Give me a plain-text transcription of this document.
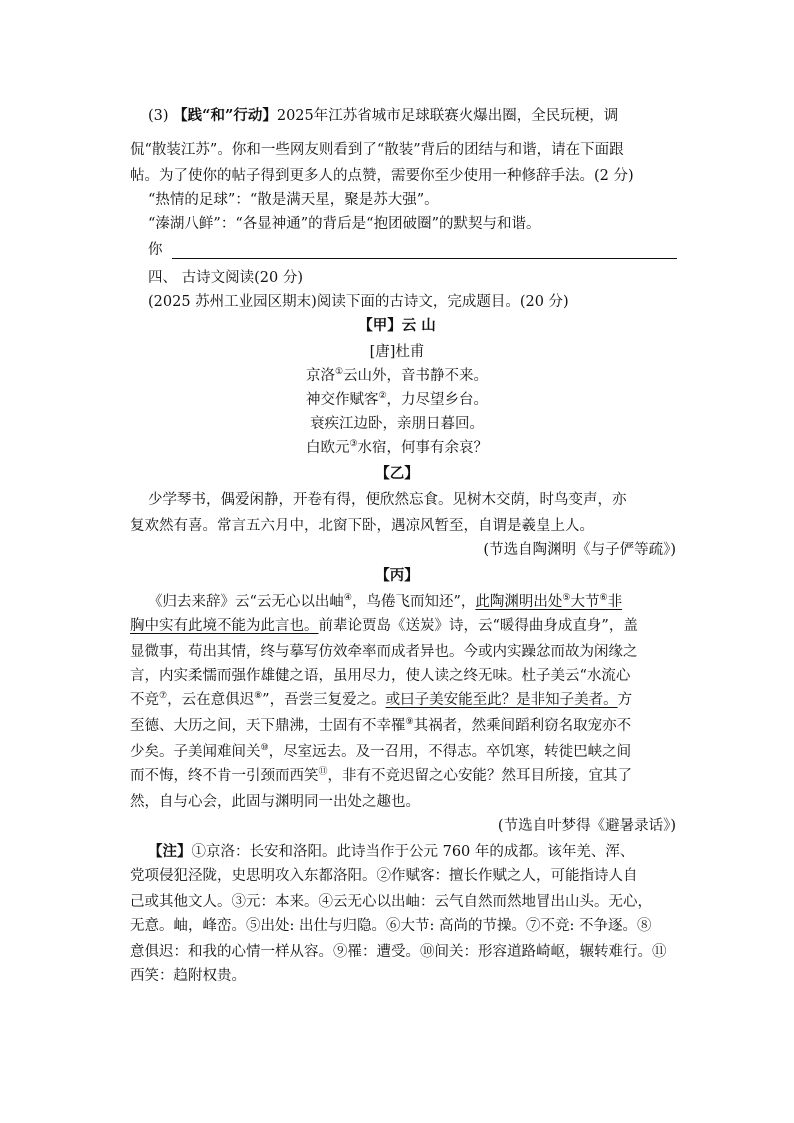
(3) 【践“和”行动】2025年江苏省城市足球联赛火爆出圈，全民玩梗，调
侃“散装江苏”。你和一些网友则看到了“散装”背后的团结与和谐，请在下面跟
帖。为了使你的帖子得到更多人的点赞，需要你至少使用一种修辞手法。(2 分)
“热情的足球”：“散是满天星，聚是苏大强”。
“溱湖八鲜”：“各显神通”的背后是“抱团破圈”的默契与和谐。
你
四、 古诗文阅读(20 分)
(2025 苏州工业园区期末)阅读下面的古诗文，完成题目。(20 分)
【甲】云 山
[唐]杜甫
京洛①云山外，音书静不来。
神交作赋客②，力尽望乡台。
衰疾江边卧，亲朋日暮回。
白欧元③水宿，何事有余哀？
【乙】
少学琴书，偶爱闲静，开卷有得，便欣然忘食。见树木交荫，时鸟变声，亦
复欢然有喜。常言五六月中，北窗下卧，遇凉风暂至，自谓是羲皇上人。
(节选自陶渊明《与子俨等疏》)
【丙】
《归去来辞》云“云无心以出岫④，鸟倦飞而知还”，此陶渊明出处⑤大节⑥非
胸中实有此境不能为此言也。前辈论贾岛《送炭》诗，云“暖得曲身成直身”，盖
显微事，苟出其情，终与摹写仿效牵率而成者异也。今或内实躁忿而故为闲缘之
言，内实柔懦而强作雄健之语，虽用尽力，使人读之终无味。杜子美云“水流心
不竞⑦，云在意俱迟⑧”，吾尝三复爱之。或曰子美安能至此？是非知子美者。方
至德、大历之间，天下鼎沸，士固有不幸罹⑨其祸者，然乘间蹈利窃名取宠亦不
少矣。子美闻难间关⑩，尽室远去。及一召用，不得志。卒饥寒，转徙巴峡之间
而不悔，终不肯一引颈而西笑⑪，非有不竞迟留之心安能？然耳目所接，宜其了
然，自与心会，此固与渊明同一出处之趣也。
(节选自叶梦得《避暑录话》)
【注】①京洛：长安和洛阳。此诗当作于公元 760 年的成都。该年羌、浑、
党项侵犯泾陇，史思明攻入东都洛阳。②作赋客：擅长作赋之人，可能指诗人自
己或其他文人。③元：本来。④云无心以出岫：云气自然而然地冒出山头。无心，
无意。岫，峰峦。⑤出处: 出仕与归隐。⑥大节: 高尚的节操。⑦不竞: 不争逐。⑧
意俱迟：和我的心情一样从容。⑨罹：遭受。⑩间关：形容道路崎岖，辗转难行。⑪
西笑：趋附权贵。
